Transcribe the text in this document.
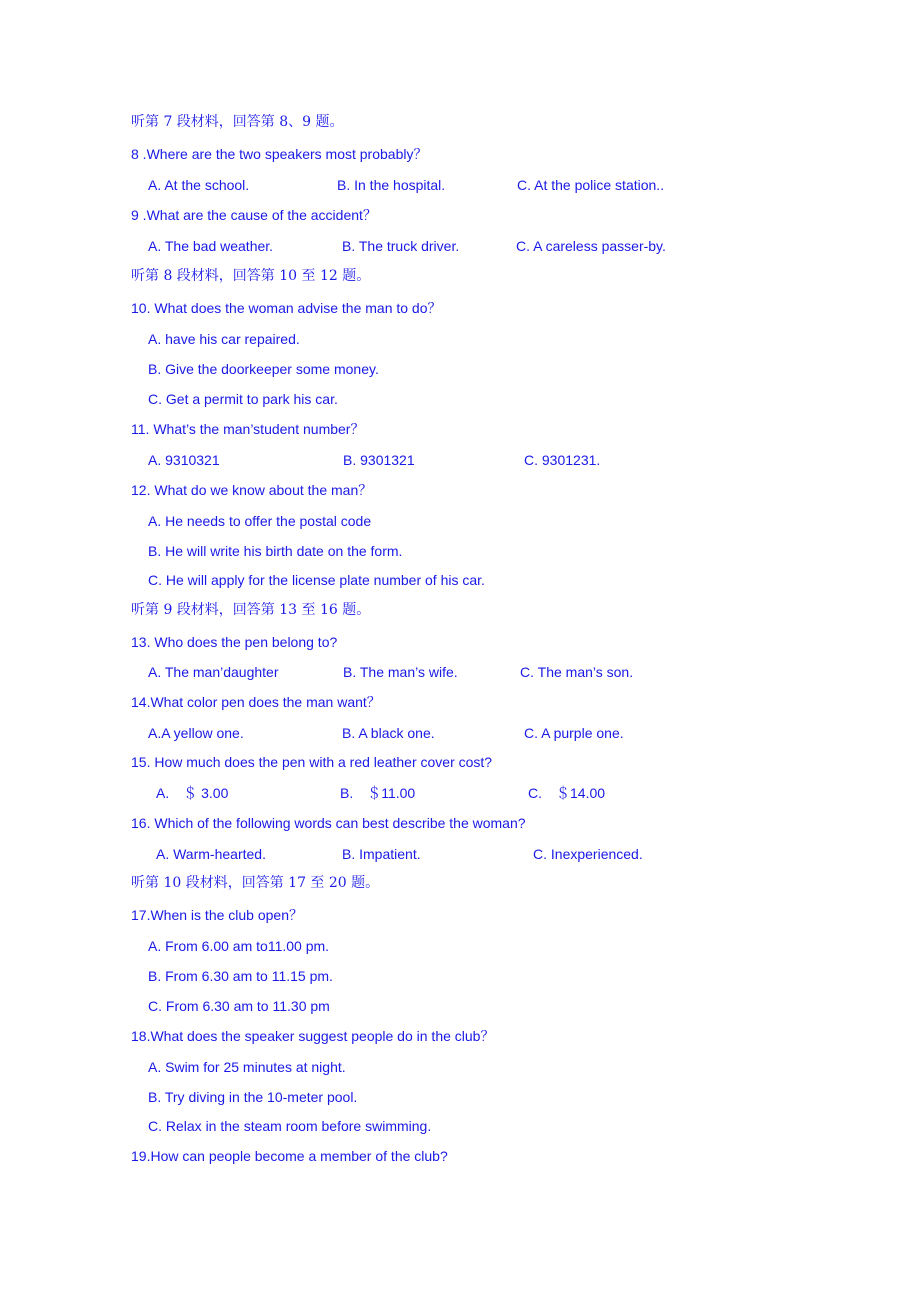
听第 7 段材料，回答第 8、9 题。
8 .Where are the two speakers most probably？
A. At the school.	B. In the hospital.	C. At the police station..
9 .What are the cause of the accident？
A. The bad weather.	B. The truck driver.	C. A careless passer-by.
听第 8 段材料，回答第 10 至 12 题。
10. What does the woman advise the man to do？
A. have his car repaired.
B. Give the doorkeeper some money.
C. Get a permit to park his car.
11. What’s the man’student number？
A. 9310321	B. 9301321	C. 9301231.
12. What do we know about the man？
A. He needs to offer the postal code
B. He will write his birth date on the form.
C. He will apply for the license plate number of his car.
听第 9 段材料，回答第 13 至 16 题。
13. Who does the pen belong to?
A. The man’daughter	B. The man’s wife.	C. The man’s son.
14.What color pen does the man want？
A.A yellow one.	B. A black one.	C. A purple one.
15. How much does the pen with a red leather cover cost?
A.　＄ 3.00	B.　＄11.00	C.　＄14.00
16. Which of the following words can best describe the woman?
A. Warm-hearted.	B. Impatient.	C. Inexperienced.
听第 10 段材料，回答第 17 至 20 题。
17.When is the club open？
A. From 6.00 am to11.00 pm.
B. From 6.30 am to 11.15 pm.
C. From 6.30 am to 11.30 pm
18.What does the speaker suggest people do in the club？
A. Swim for 25 minutes at night.
B. Try diving in the 10-meter pool.
C. Relax in the steam room before swimming.
19.How can people become a member of the club?
